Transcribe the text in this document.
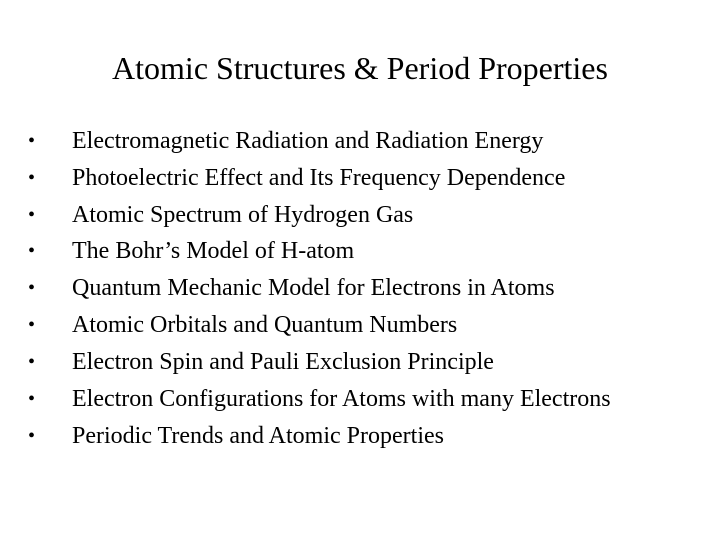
Atomic Structures & Period Properties
• Electromagnetic Radiation and Radiation Energy
• Photoelectric Effect and Its Frequency Dependence
• Atomic Spectrum of Hydrogen Gas
• The Bohr’s Model of H-atom
• Quantum Mechanic Model for Electrons in Atoms
• Atomic Orbitals and Quantum Numbers
• Electron Spin and Pauli Exclusion Principle
• Electron Configurations for Atoms with many Electrons
• Periodic Trends and Atomic Properties
